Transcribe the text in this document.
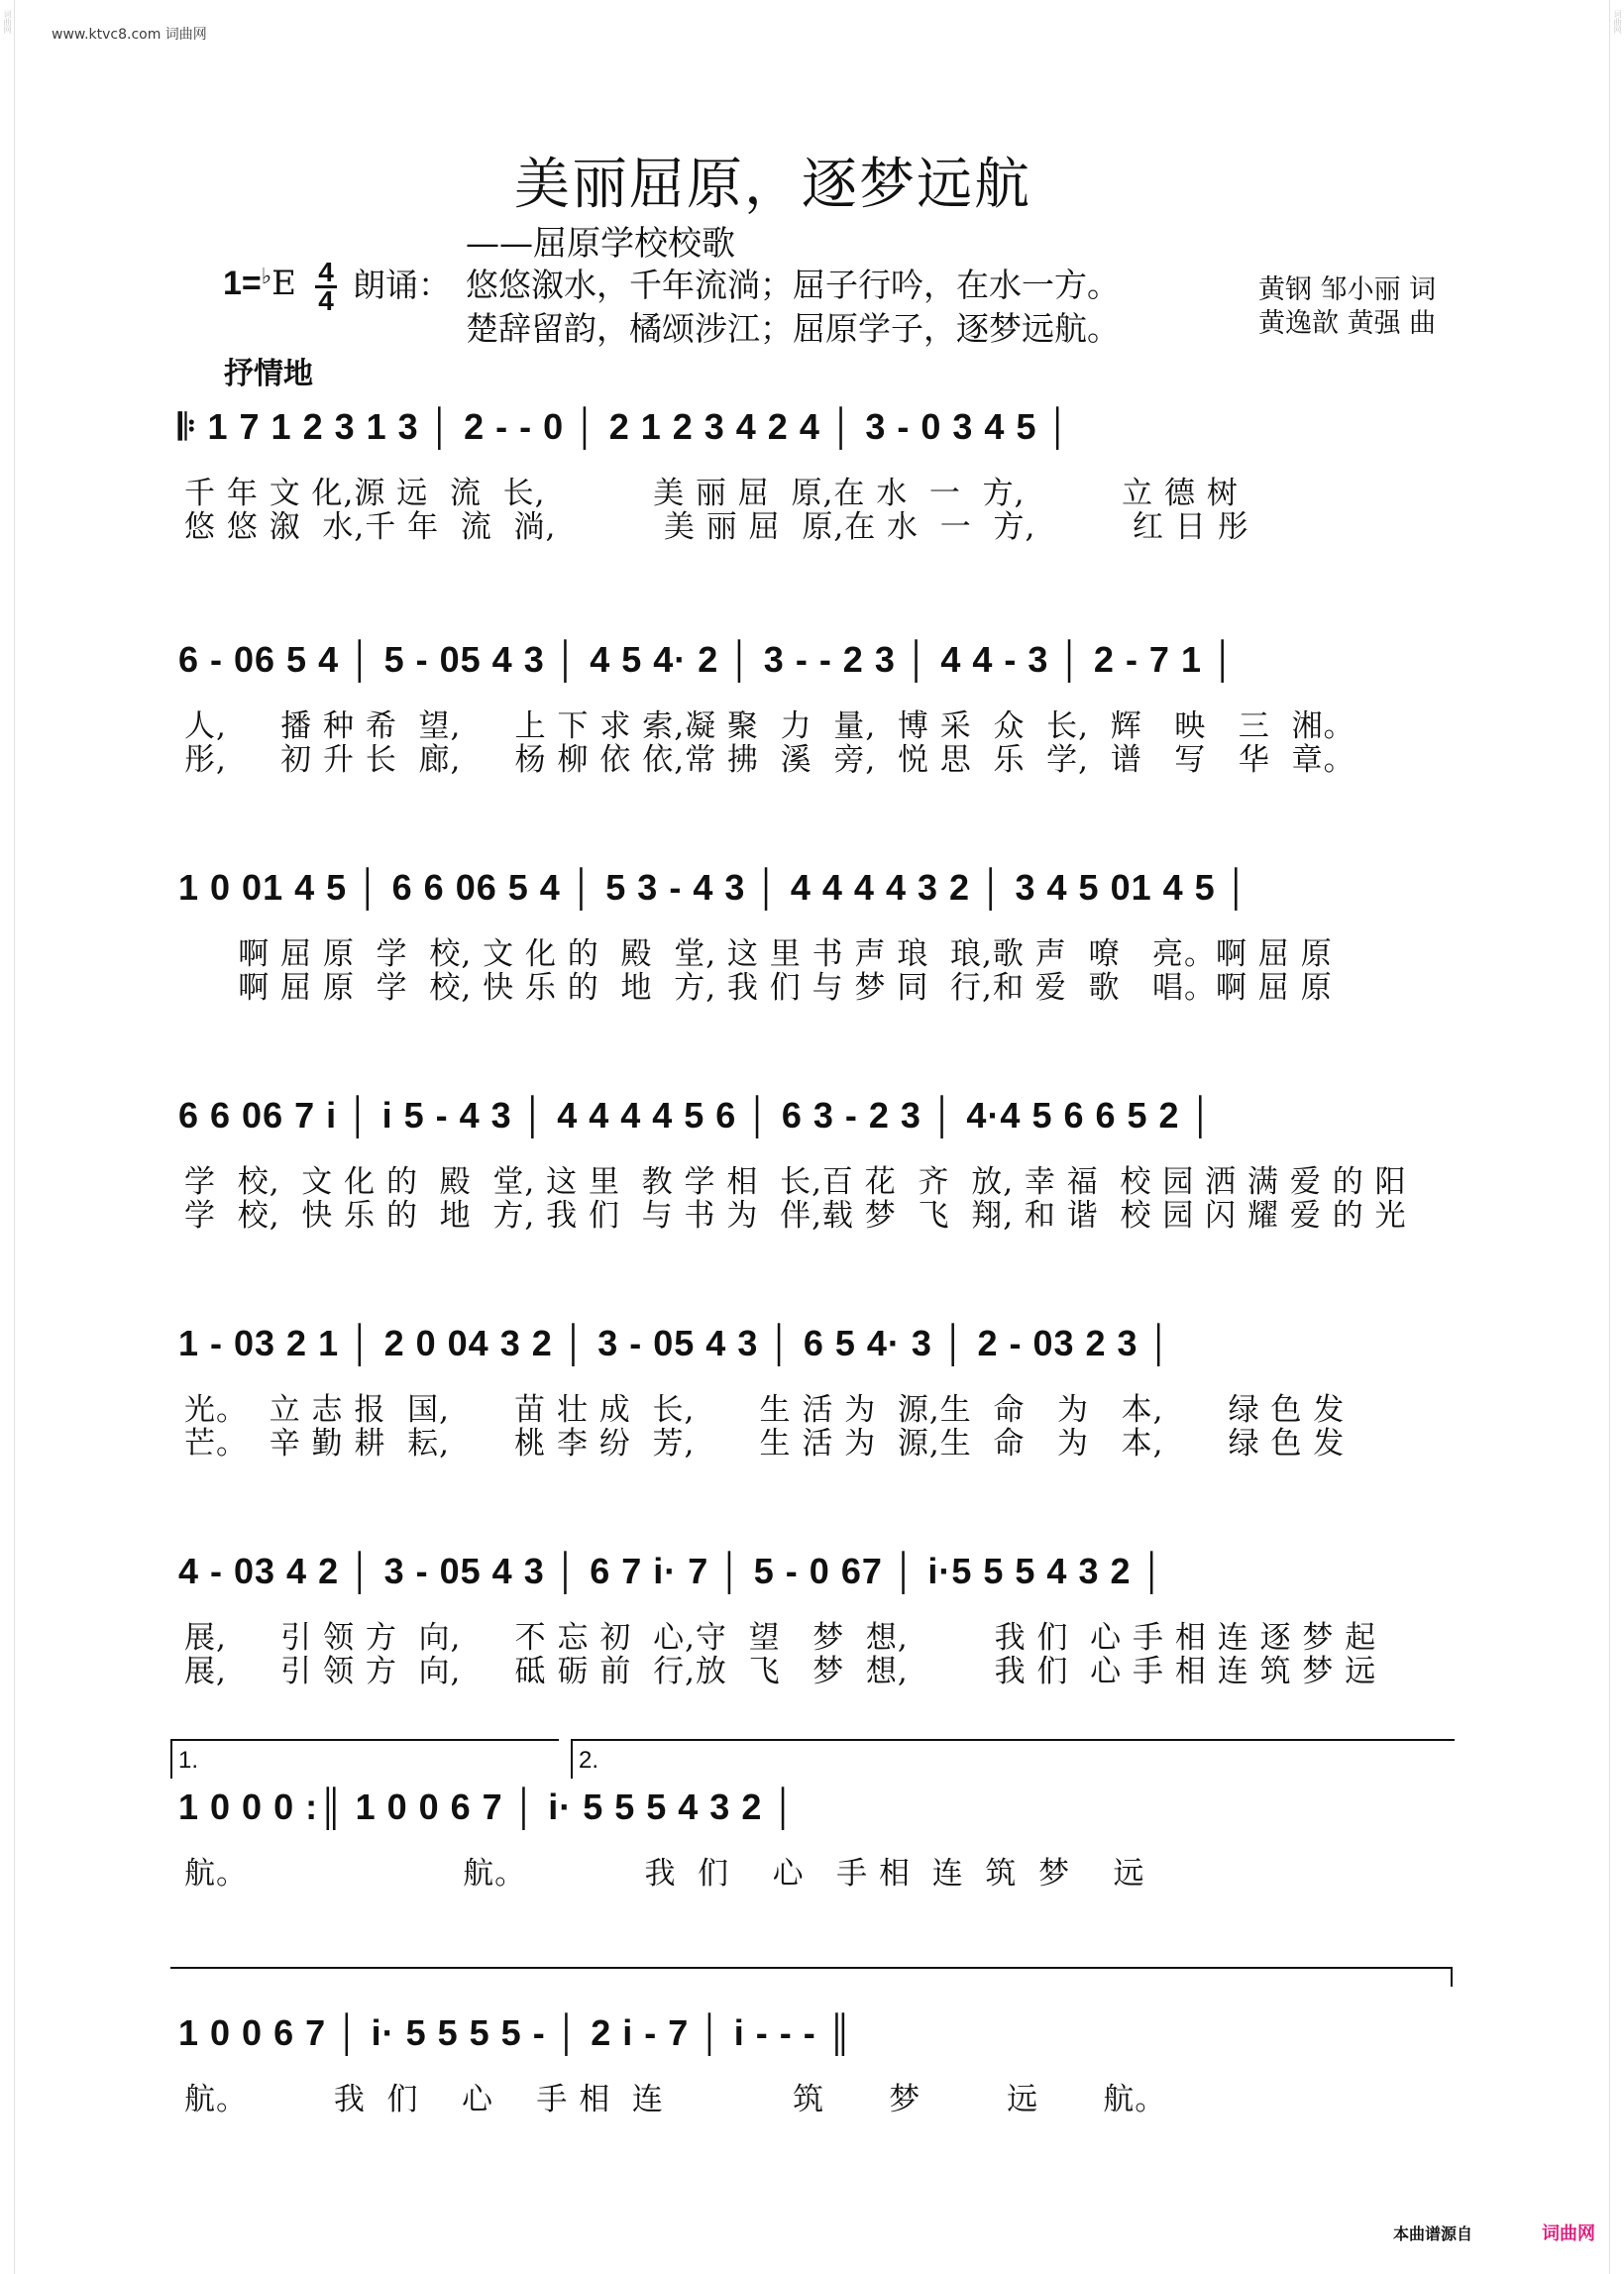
词曲网	词曲网
www.ktvc8.com 词曲网
美丽屈原，逐梦远航
——屈原学校校歌
1=♭E 4
4 朗诵： 悠悠溆水，千年流淌；屈子行吟，在水一方。
楚辞留韵，橘颂涉江；屈原学子，逐梦远航。
黄钢 邹小丽 词
黄逸歆 黄强 曲
抒情地
𝄆 1 7 1 2 3 1 3 │ 2 - - 0 │ 2 1 2 3 4 2 4 │ 3 - 0 3 4 5 │
千 年 文 化,源 远  流  长,          美 丽 屈  原,在 水  一  方,         立 德 树
悠 悠 溆  水,千 年  流  淌,          美 丽 屈  原,在 水  一  方,         红 日 彤
6 - 06 5 4 │ 5 - 05 4 3 │ 4 5 4· 2 │ 3 - - 2 3 │ 4 4 - 3 │ 2 - 7 1 │
人,     播 种 希  望,     上 下 求 索,凝 聚  力  量,  博 采  众  长,  辉   映   三  湘。
彤,     初 升 长  廊,     杨 柳 依 依,常 拂  溪  旁,  悦 思  乐  学,  谱   写   华  章。
1 0 01 4 5 │ 6 6 06 5 4 │ 5 3 - 4 3 │ 4 4 4 4 3 2 │ 3 4 5 01 4 5 │
啊 屈 原  学  校, 文 化 的  殿  堂, 这 里 书 声 琅  琅,歌 声  嘹   亮。啊 屈 原
啊 屈 原  学  校, 快 乐 的  地  方, 我 们 与 梦 同  行,和 爱  歌   唱。啊 屈 原
6 6 06 7 i │ i 5 - 4 3 │ 4 4 4 4 5 6 │ 6 3 - 2 3 │ 4·4 5 6 6 5 2 │
学  校,  文 化 的  殿  堂, 这 里  教 学 相  长,百 花  齐  放, 幸 福  校 园 洒 满 爱 的 阳
学  校,  快 乐 的  地  方, 我 们  与 书 为  伴,载 梦  飞  翔, 和 谐  校 园 闪 耀 爱 的 光
1 - 03 2 1 │ 2 0 04 3 2 │ 3 - 05 4 3 │ 6 5 4· 3 │ 2 - 03 2 3 │
光。  立 志 报  国,      苗 壮 成  长,      生 活 为  源,生  命   为   本,      绿 色 发
芒。  辛 勤 耕  耘,      桃 李 纷  芳,      生 活 为  源,生  命   为   本,      绿 色 发
4 - 03 4 2 │ 3 - 05 4 3 │ 6 7 i· 7 │ 5 - 0 67 │ i·5 5 5 4 3 2 │
展,     引 领 方  向,     不 忘 初  心,守  望   梦  想,        我 们  心 手 相 连 逐 梦 起
展,     引 领 方  向,     砥 砺 前  行,放  飞   梦  想,        我 们  心 手 相 连 筑 梦 远
1.	2.
1 0 0 0 :║ 1 0 0 6 7 │ i· 5 5 5 4 3 2 │
航。                    航。           我  们    心   手 相  连  筑  梦    远
1 0 0 6 7 │ i· 5 5 5 5 - │ 2 i - 7 │ i - - - ║
航。        我  们    心    手 相  连            筑      梦        远      航。
本曲谱源自	词曲网
